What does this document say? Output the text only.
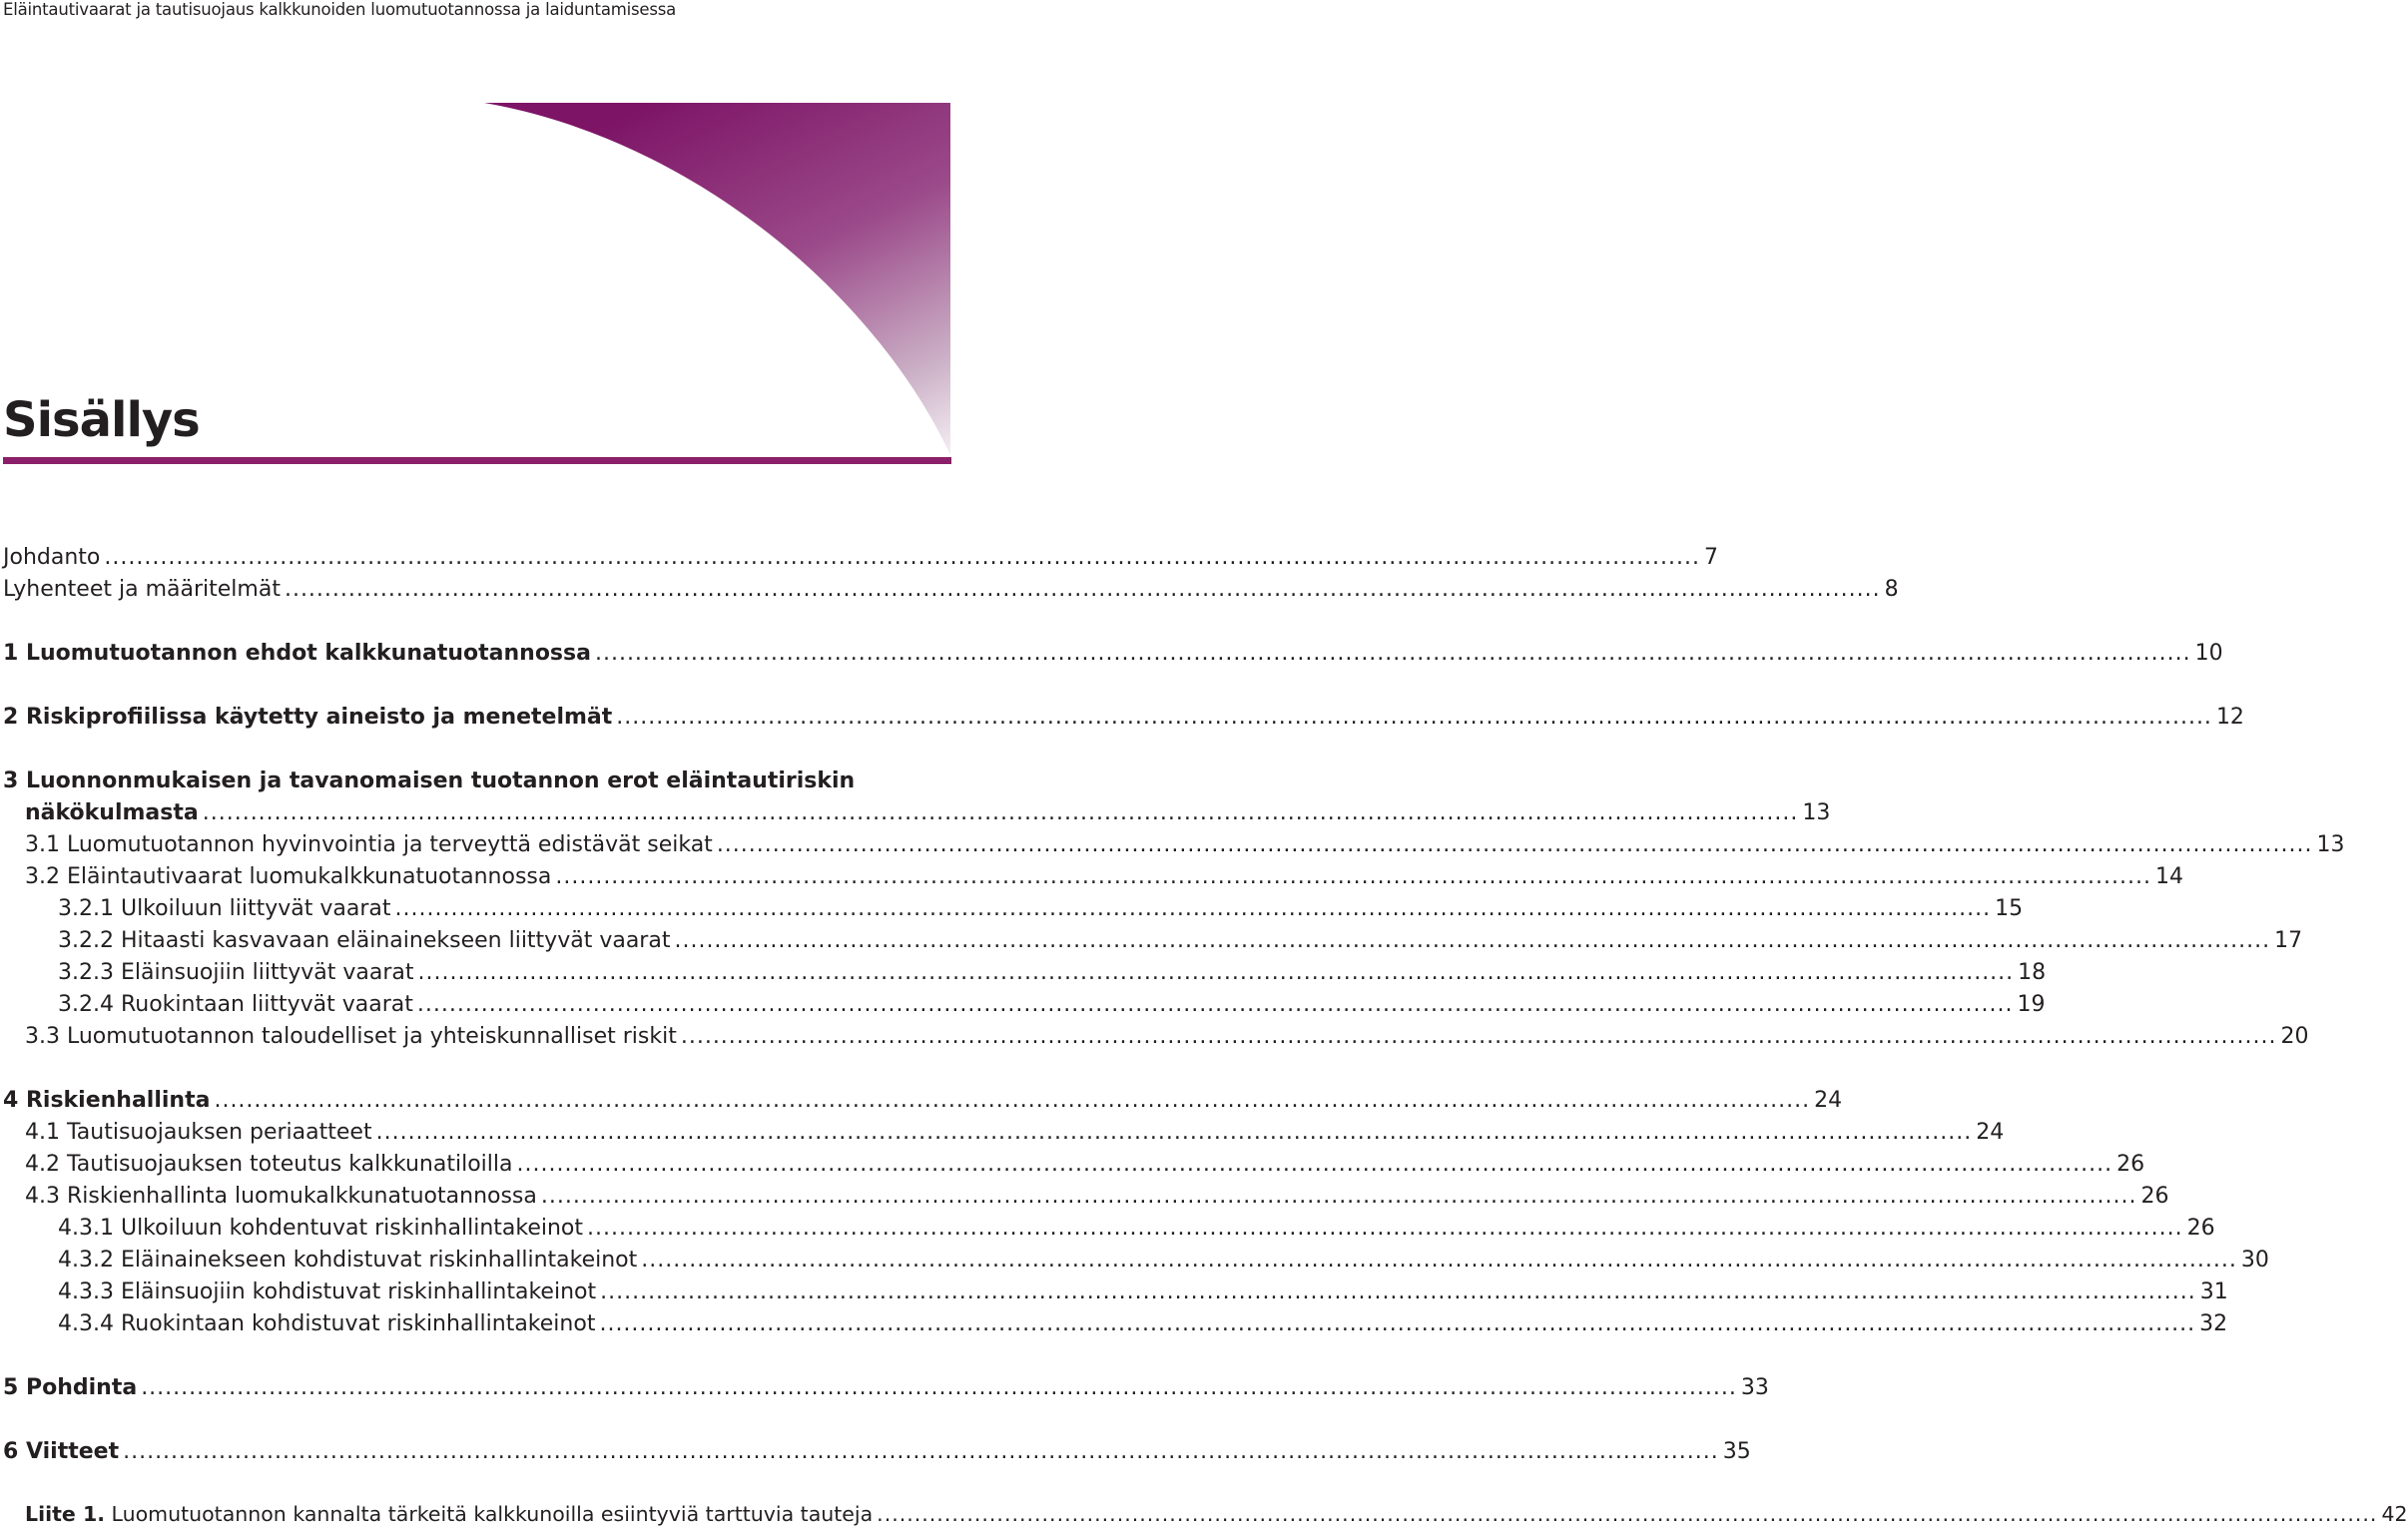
Eläintautivaarat ja tautisuojaus kalkkunoiden luomutuotannossa ja laiduntamisessa
Sisällys
Johdanto ........................................................................................................................................................................................................ 7
Lyhenteet ja määritelmät ........................................................................................................................................................................................................ 8
1 Luomutuotannon ehdot kalkkunatuotannossa ........................................................................................................................................................................................................ 10
2 Riskiprofiilissa käytetty aineisto ja menetelmät ........................................................................................................................................................................................................ 12
3 Luonnonmukaisen ja tavanomaisen tuotannon erot eläintautiriskin
näkökulmasta ........................................................................................................................................................................................................ 13
3.1 Luomutuotannon hyvinvointia ja terveyttä edistävät seikat ........................................................................................................................................................................................................ 13
3.2 Eläintautivaarat luomukalkkunatuotannossa ........................................................................................................................................................................................................ 14
3.2.1 Ulkoiluun liittyvät vaarat ........................................................................................................................................................................................................ 15
3.2.2 Hitaasti kasvavaan eläinainekseen liittyvät vaarat ........................................................................................................................................................................................................ 17
3.2.3 Eläinsuojiin liittyvät vaarat ........................................................................................................................................................................................................ 18
3.2.4 Ruokintaan liittyvät vaarat ........................................................................................................................................................................................................ 19
3.3 Luomutuotannon taloudelliset ja yhteiskunnalliset riskit ........................................................................................................................................................................................................ 20
4 Riskienhallinta ........................................................................................................................................................................................................ 24
4.1 Tautisuojauksen periaatteet ........................................................................................................................................................................................................ 24
4.2 Tautisuojauksen toteutus kalkkunatiloilla ........................................................................................................................................................................................................ 26
4.3 Riskienhallinta luomukalkkunatuotannossa ........................................................................................................................................................................................................ 26
4.3.1 Ulkoiluun kohdentuvat riskinhallintakeinot ........................................................................................................................................................................................................ 26
4.3.2 Eläinainekseen kohdistuvat riskinhallintakeinot ........................................................................................................................................................................................................ 30
4.3.3 Eläinsuojiin kohdistuvat riskinhallintakeinot ........................................................................................................................................................................................................ 31
4.3.4 Ruokintaan kohdistuvat riskinhallintakeinot ........................................................................................................................................................................................................ 32
5 Pohdinta ........................................................................................................................................................................................................ 33
6 Viitteet ........................................................................................................................................................................................................ 35
Liite 1. Luomutuotannon kannalta tärkeitä kalkkunoilla esiintyviä tarttuvia tauteja ........................................................................................................................................................................................................ 42
